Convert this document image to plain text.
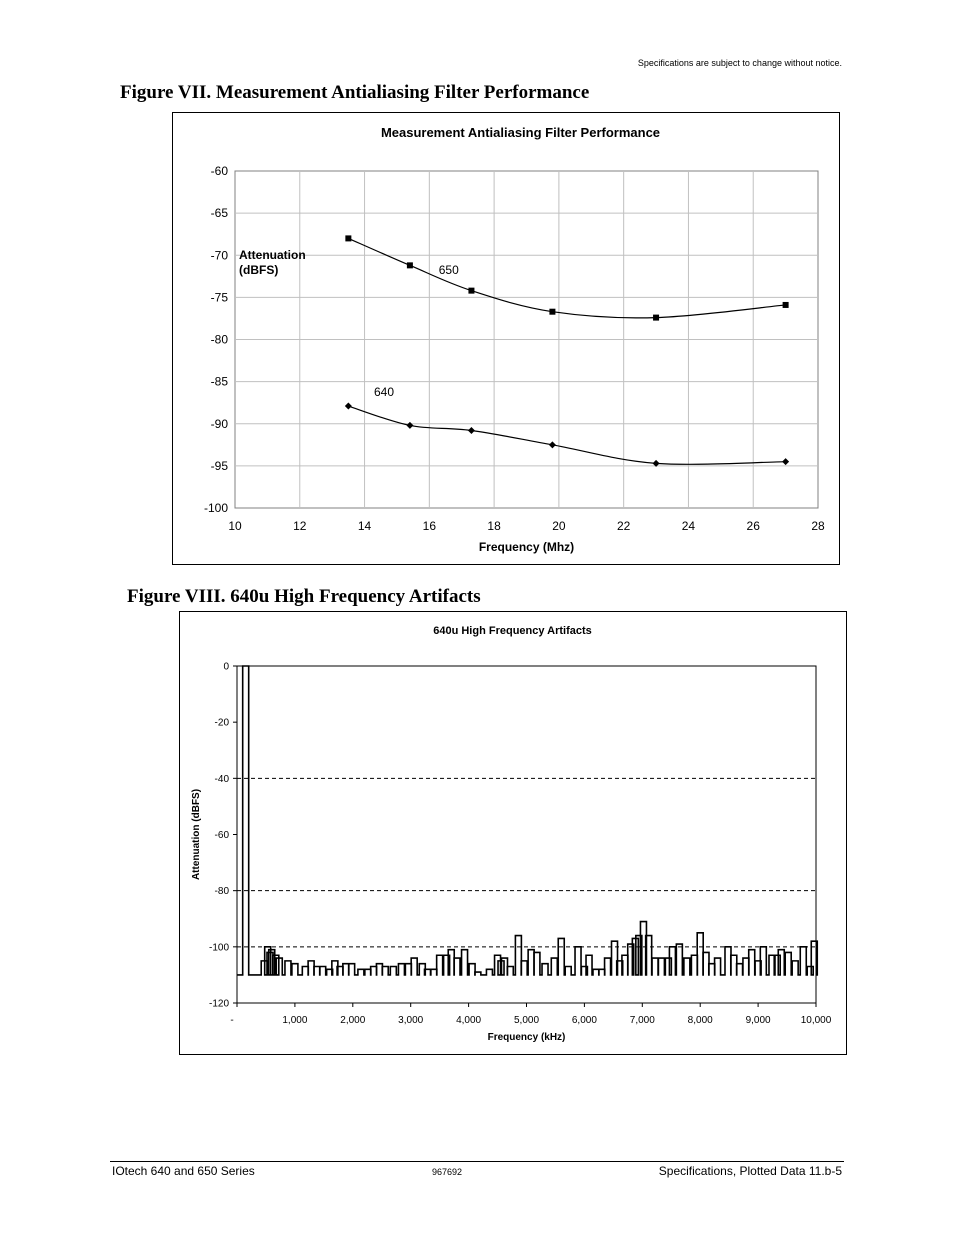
Specifications are subject to change without notice.
Figure VII. Measurement Antialiasing Filter Performance
Measurement Antialiasing Filter Performance
10	12	14	16	18	20	22	24	26	28
-60
-65
-70
-75
-80
-85
-90
-95
-100
Attenuation (dBFS)
Frequency (Mhz)
650
640
Figure VIII. 640u High Frequency Artifacts
640u High Frequency Artifacts
0
-20
-40
-60
-80
-100
-120
-	1,000	2,000	3,000	4,000	5,000	6,000	7,000	8,000	9,000	10,000
Attenuation (dBFS)
Frequency (kHz)
IOtech 640 and 650 Series	967692	Specifications, Plotted Data 11.b-5
